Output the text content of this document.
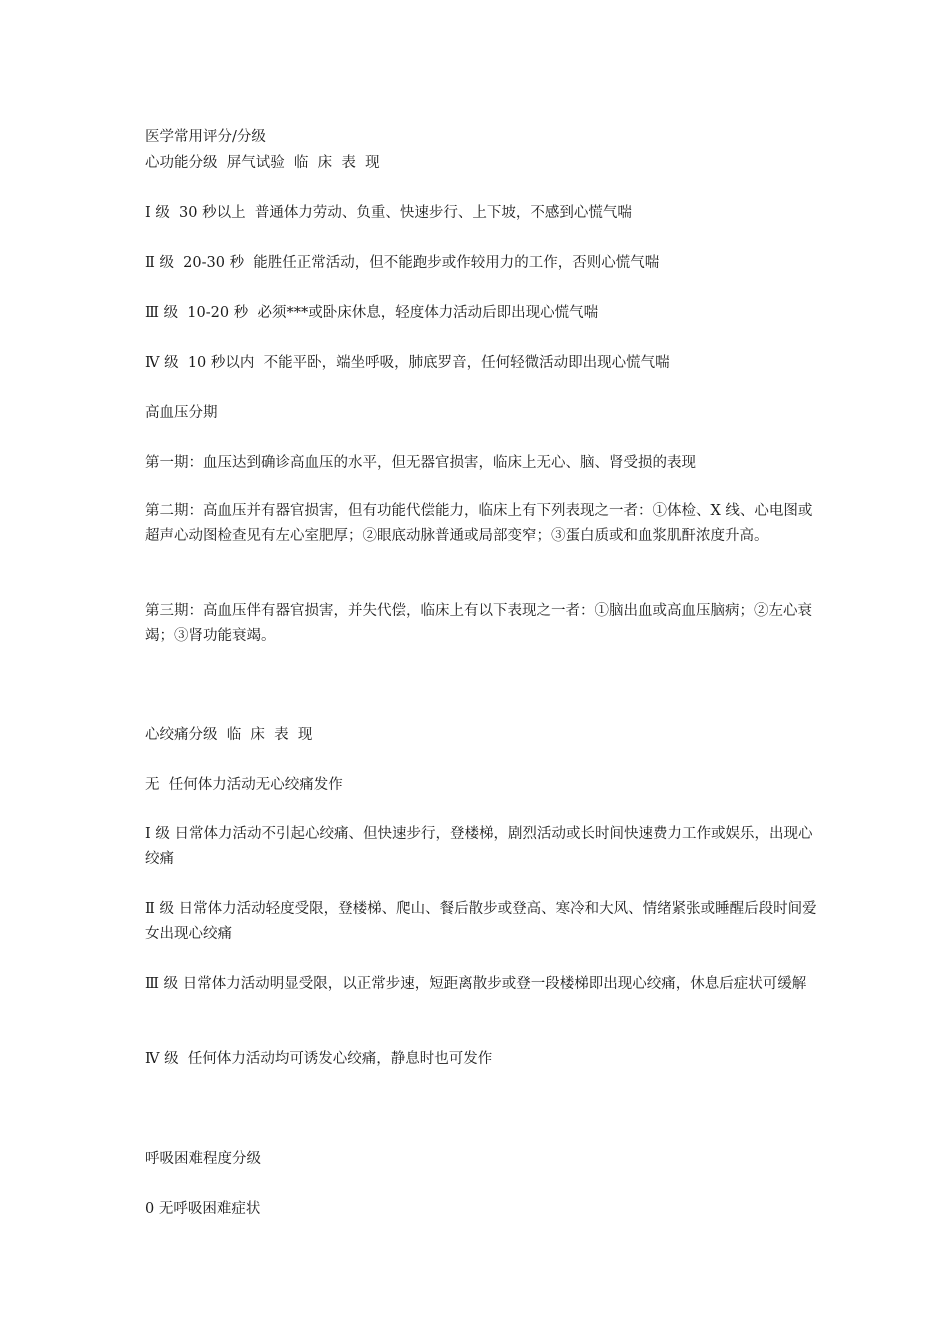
医学常用评分/分级
心功能分级  屏气试验  临  床  表  现
Ⅰ 级  30 秒以上  普通体力劳动、负重、快速步行、上下坡，不感到心慌气喘
Ⅱ 级  20-30 秒  能胜任正常活动，但不能跑步或作较用力的工作，否则心慌气喘
Ⅲ 级  10-20 秒  必须***或卧床休息，轻度体力活动后即出现心慌气喘
Ⅳ 级  10 秒以内  不能平卧，端坐呼吸，肺底罗音，任何轻微活动即出现心慌气喘
高血压分期
第一期：血压达到确诊高血压的水平，但无器官损害，临床上无心、脑、肾受损的表现
第二期：高血压并有器官损害，但有功能代偿能力，临床上有下列表现之一者：①体检、X 线、心电图或超声心动图检查见有左心室肥厚；②眼底动脉普通或局部变窄；③蛋白质或和血浆肌酐浓度升高。
第三期：高血压伴有器官损害，并失代偿，临床上有以下表现之一者：①脑出血或高血压脑病；②左心衰竭；③肾功能衰竭。
心绞痛分级  临  床  表  现
无  任何体力活动无心绞痛发作
Ⅰ 级 日常体力活动不引起心绞痛、但快速步行，登楼梯，剧烈活动或长时间快速费力工作或娱乐，出现心绞痛
Ⅱ 级 日常体力活动轻度受限，登楼梯、爬山、餐后散步或登高、寒冷和大风、情绪紧张或睡醒后段时间爱女出现心绞痛
Ⅲ 级 日常体力活动明显受限，以正常步速，短距离散步或登一段楼梯即出现心绞痛，休息后症状可缓解
Ⅳ 级  任何体力活动均可诱发心绞痛，静息时也可发作
呼吸困难程度分级
0 无呼吸困难症状
